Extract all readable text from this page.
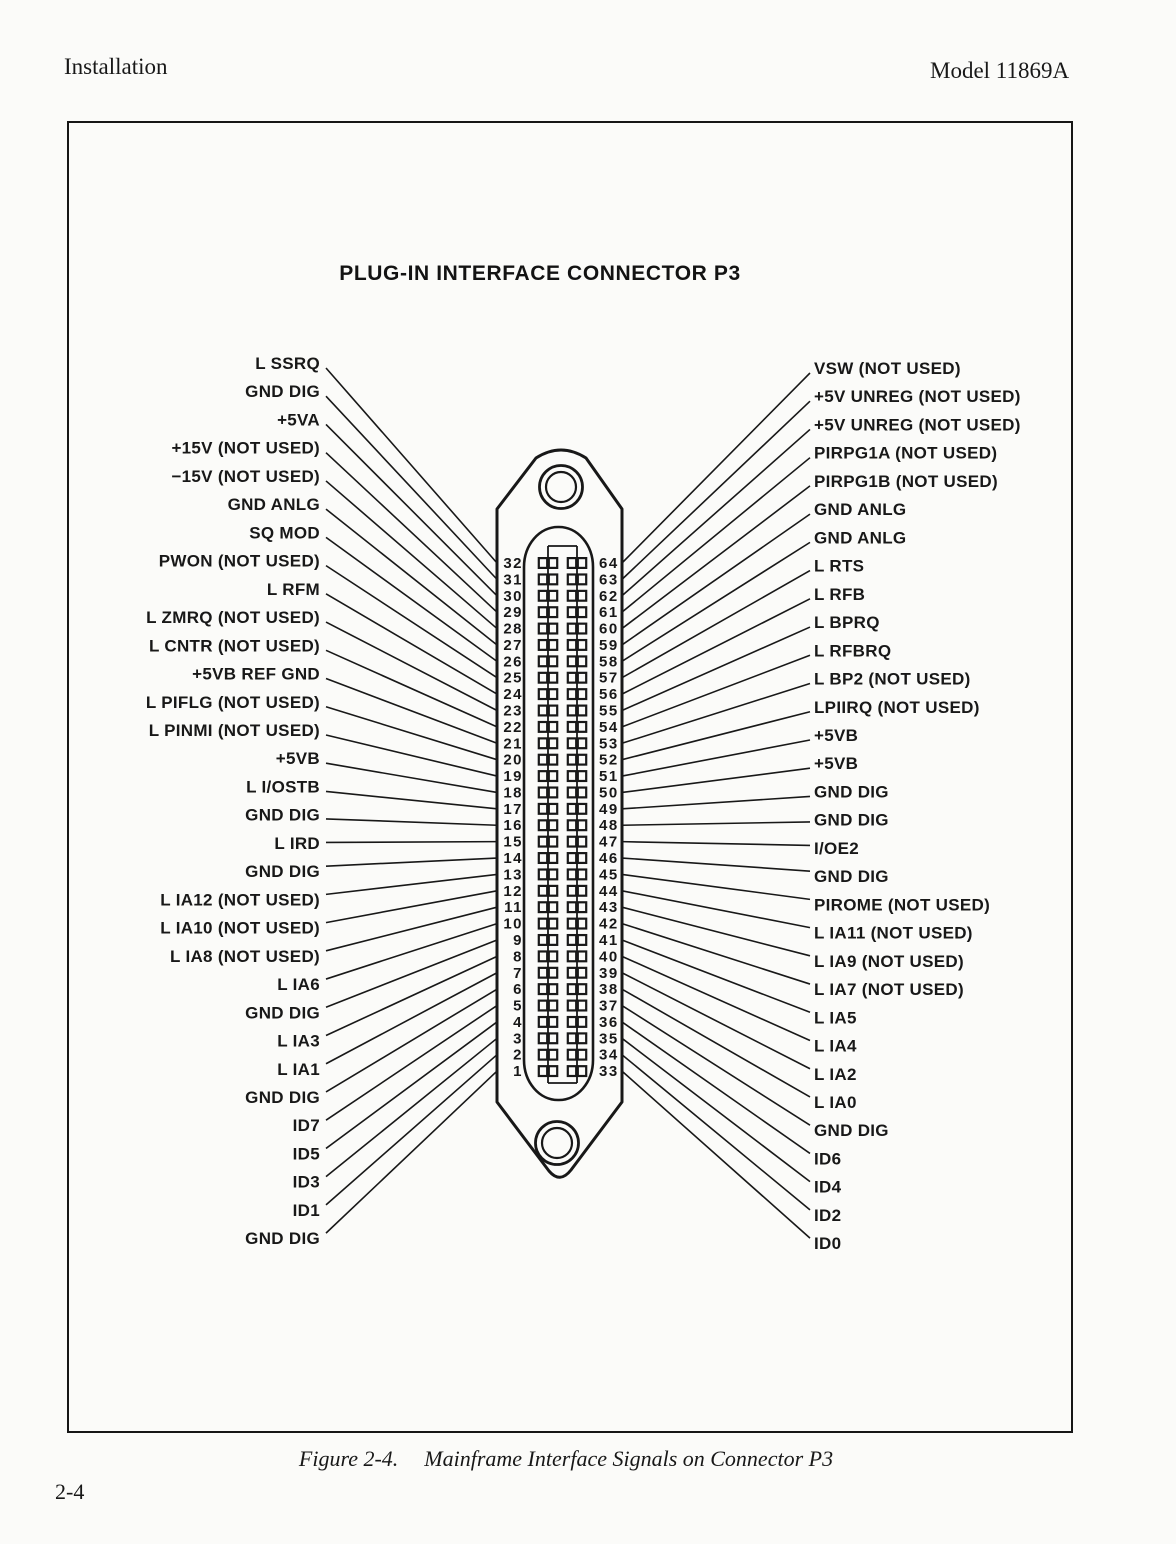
Installation	Model 11869A
PLUG-IN INTERFACE CONNECTOR P3
32	64
L SSRQ	VSW (NOT USED)
31	63
GND DIG	+5V UNREG (NOT USED)
30	62
+5VA	+5V UNREG (NOT USED)
29	61
+15V (NOT USED)	PIRPG1A (NOT USED)
28	60
−15V (NOT USED)	PIRPG1B (NOT USED)
27	59
GND ANLG	GND ANLG
26	58
SQ MOD	GND ANLG
25	57
PWON (NOT USED)	L RTS
24	56
L RFM	L RFB
23	55
L ZMRQ (NOT USED)	L BPRQ
22	54
L CNTR (NOT USED)	L RFBRQ
21	53
+5VB REF GND	L BP2 (NOT USED)
20	52
L PIFLG (NOT USED)	LPIIRQ (NOT USED)
19	51
L PINMI (NOT USED)	+5VB
18	50
+5VB	+5VB
17	49
L I/OSTB	GND DIG
16	48
GND DIG	GND DIG
15	47
L IRD	I/OE2
14	46
GND DIG	GND DIG
13	45
L IA12 (NOT USED)	PIROME (NOT USED)
12	44
L IA10 (NOT USED)	L IA11 (NOT USED)
11	43
L IA8 (NOT USED)	L IA9 (NOT USED)
10	42
L IA6	L IA7 (NOT USED)
9	41
GND DIG	L IA5
8	40
L IA3	L IA4
7	39
L IA1	L IA2
6	38
GND DIG	L IA0
5	37
ID7	GND DIG
4	36
ID5	ID6
3	35
ID3	ID4
2	34
ID1	ID2
1	33
GND DIG	ID0
Figure 2-4. Mainframe Interface Signals on Connector P3
2-4
